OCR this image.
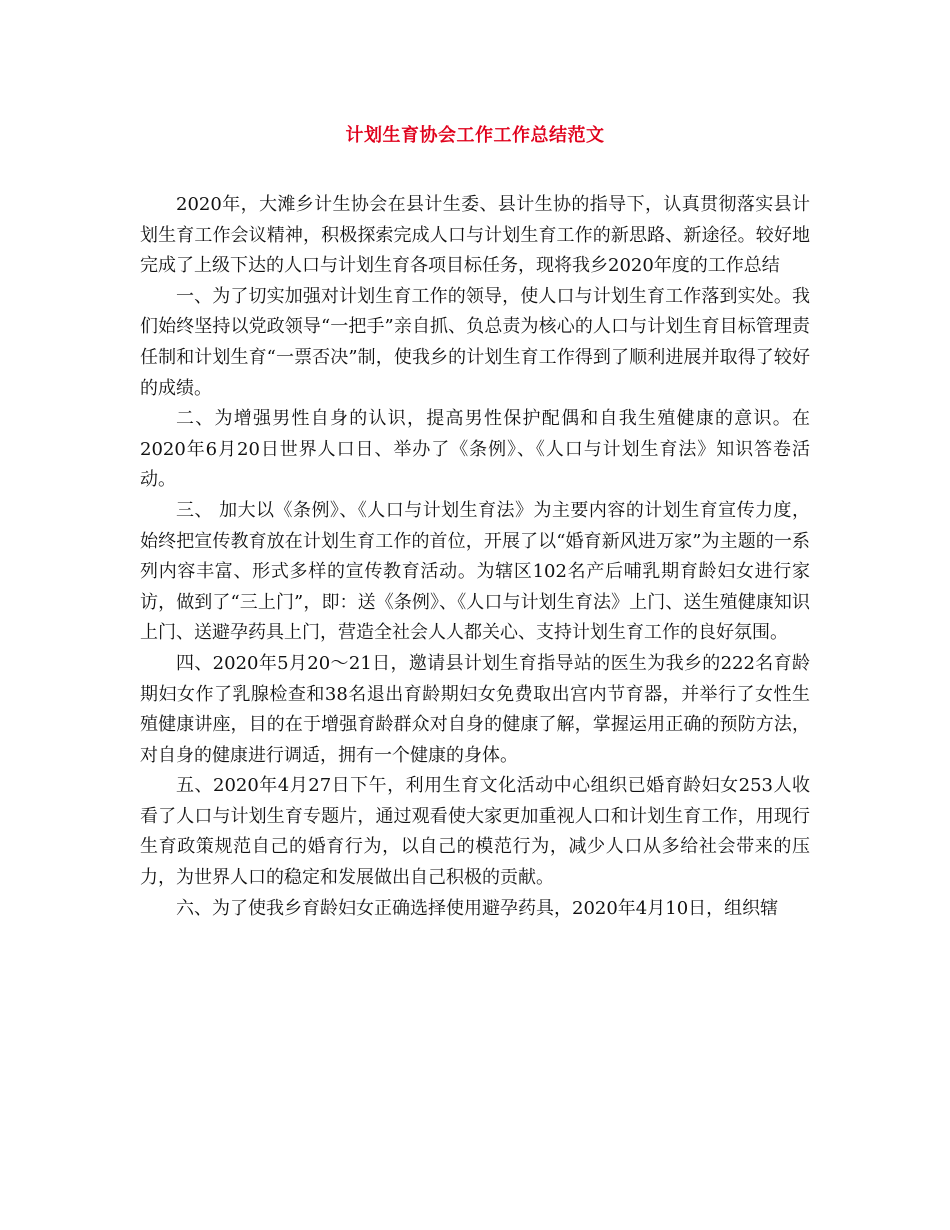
计划生育协会工作工作总结范文

2020年，大滩乡计生协会在县计生委、县计生协的指导下，认真贯彻落实县计划生育工作会议精神，积极探索完成人口与计划生育工作的新思路、新途径。较好地完成了上级下达的人口与计划生育各项目标任务，现将我乡2020年度的工作总结

一、为了切实加强对计划生育工作的领导，使人口与计划生育工作落到实处。我们始终坚持以党政领导“一把手”亲自抓、负总责为核心的人口与计划生育目标管理责任制和计划生育“一票否决”制，使我乡的计划生育工作得到了顺利进展并取得了较好的成绩。

二、为增强男性自身的认识，提高男性保护配偶和自我生殖健康的意识。在2020年6月20日世界人口日、举办了《条例》、《人口与计划生育法》知识答卷活动。

三、 加大以《条例》、《人口与计划生育法》为主要内容的计划生育宣传力度，始终把宣传教育放在计划生育工作的首位，开展了以“婚育新风进万家”为主题的一系列内容丰富、形式多样的宣传教育活动。为辖区102名产后哺乳期育龄妇女进行家访，做到了“三上门”，即：送《条例》、《人口与计划生育法》上门、送生殖健康知识上门、送避孕药具上门，营造全社会人人都关心、支持计划生育工作的良好氛围。

四、2020年5月20～21日，邀请县计划生育指导站的医生为我乡的222名育龄期妇女作了乳腺检查和38名退出育龄期妇女免费取出宫内节育器，并举行了女性生殖健康讲座，目的在于增强育龄群众对自身的健康了解，掌握运用正确的预防方法，对自身的健康进行调适，拥有一个健康的身体。

五、2020年4月27日下午，利用生育文化活动中心组织已婚育龄妇女253人收看了人口与计划生育专题片，通过观看使大家更加重视人口和计划生育工作，用现行生育政策规范自己的婚育行为，以自己的模范行为，减少人口从多给社会带来的压力，为世界人口的稳定和发展做出自己积极的贡献。

六、为了使我乡育龄妇女正确选择使用避孕药具，2020年4月10日，组织辖
